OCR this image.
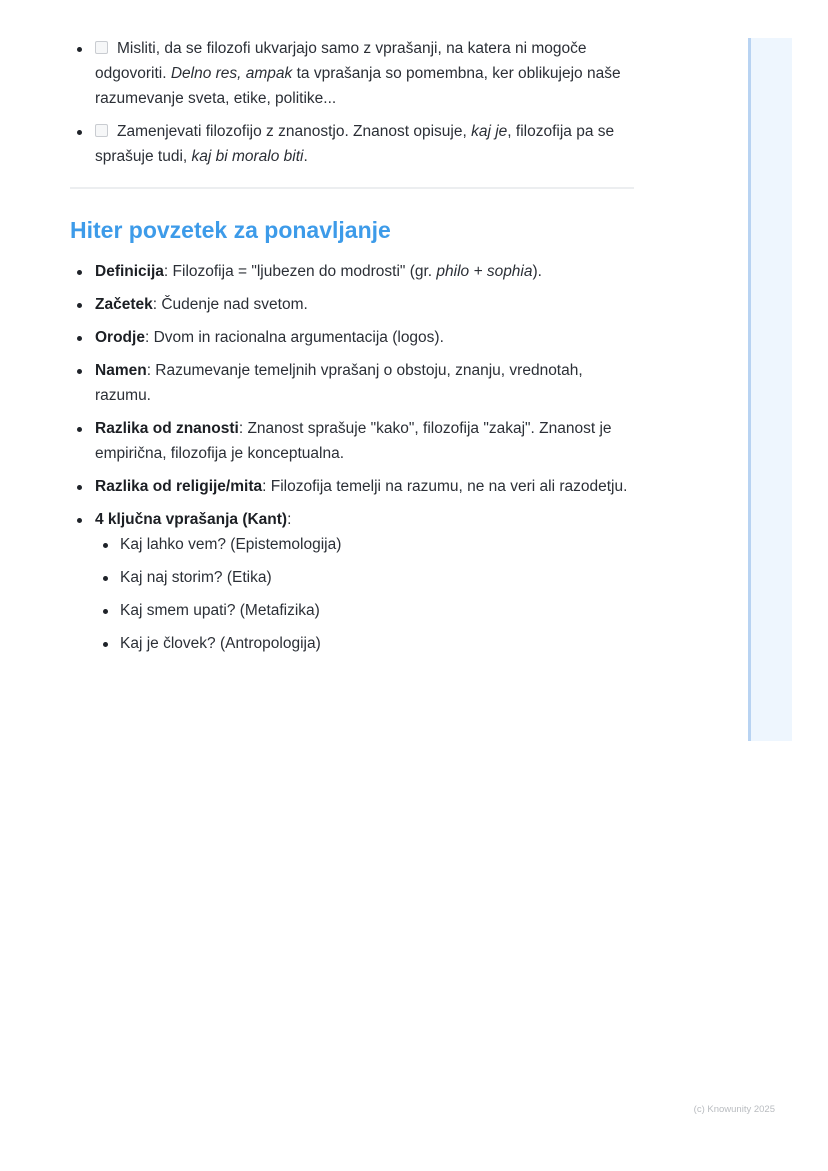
Misliti, da se filozofi ukvarjajo samo z vprašanji, na katera ni mogoče odgovoriti. Delno res, ampak ta vprašanja so pomembna, ker oblikujejo naše razumevanje sveta, etike, politike...
Zamenjevati filozofijo z znanostjo. Znanost opisuje, kaj je, filozofija pa se sprašuje tudi, kaj bi moralo biti.
Hiter povzetek za ponavljanje
Definicija: Filozofija = "ljubezen do modrosti" (gr. philo + sophia).
Začetek: Čudenje nad svetom.
Orodje: Dvom in racionalna argumentacija (logos).
Namen: Razumevanje temeljnih vprašanj o obstoju, znanju, vrednotah, razumu.
Razlika od znanosti: Znanost sprašuje "kako", filozofija "zakaj". Znanost je empirična, filozofija je konceptualna.
Razlika od religije/mita: Filozofija temelji na razumu, ne na veri ali razodetju.
4 ključna vprašanja (Kant):
Kaj lahko vem? (Epistemologija)
Kaj naj storim? (Etika)
Kaj smem upati? (Metafizika)
Kaj je človek? (Antropologija)
(c) Knowunity 2025
